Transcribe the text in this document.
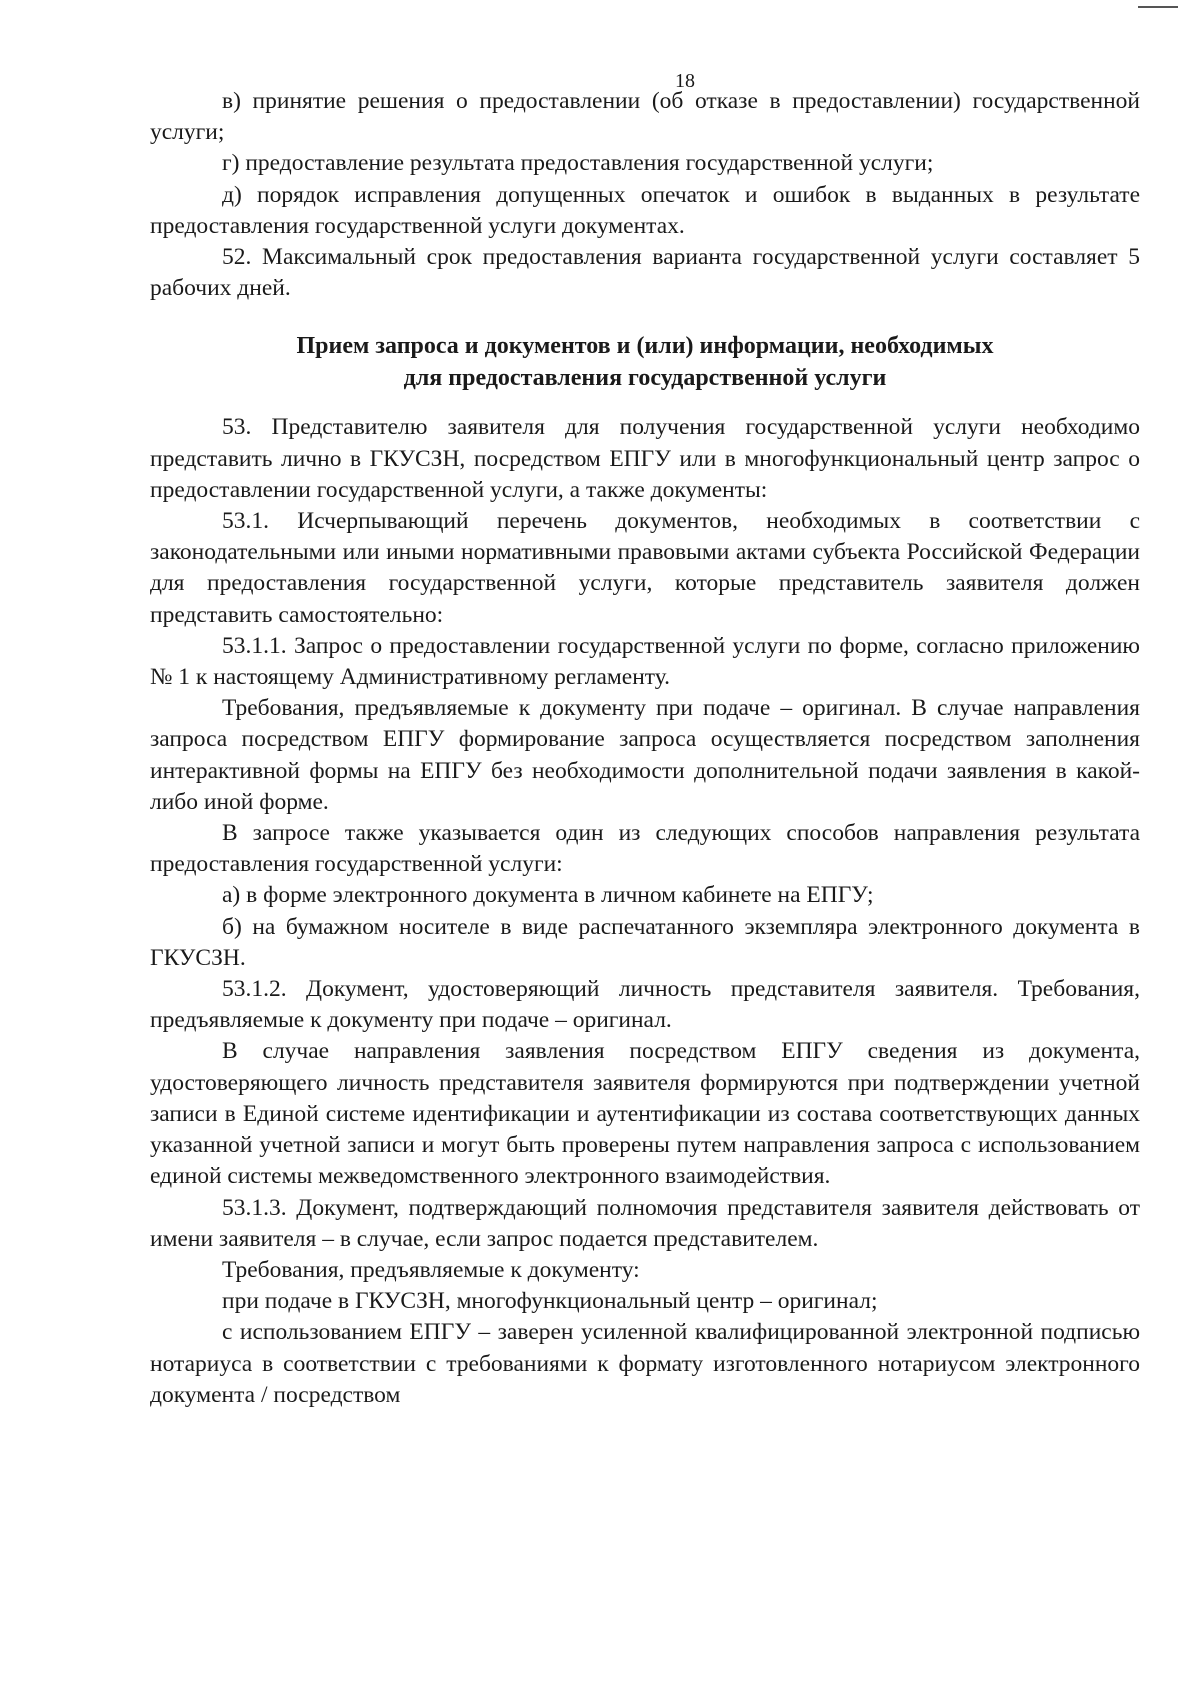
18

в) принятие решения о предоставлении (об отказе в предоставлении) государственной услуги;

г) предоставление результата предоставления государственной услуги;

д) порядок исправления допущенных опечаток и ошибок в выданных в результате предоставления государственной услуги документах.

52. Максимальный срок предоставления варианта государственной услуги составляет 5 рабочих дней.

Прием запроса и документов и (или) информации, необходимых
для предоставления государственной услуги

53. Представителю заявителя для получения государственной услуги необходимо представить лично в ГКУСЗН, посредством ЕПГУ или в многофункциональный центр запрос о предоставлении государственной услуги, а также документы:

53.1. Исчерпывающий перечень документов, необходимых в соответствии с законодательными или иными нормативными правовыми актами субъекта Российской Федерации для предоставления государственной услуги, которые представитель заявителя должен представить самостоятельно:

53.1.1. Запрос о предоставлении государственной услуги по форме, согласно приложению № 1 к настоящему Административному регламенту.

Требования, предъявляемые к документу при подаче – оригинал. В случае направления запроса посредством ЕПГУ формирование запроса осуществляется посредством заполнения интерактивной формы на ЕПГУ без необходимости дополнительной подачи заявления в какой-либо иной форме.

В запросе также указывается один из следующих способов направления результата предоставления государственной услуги:

а) в форме электронного документа в личном кабинете на ЕПГУ;

б) на бумажном носителе в виде распечатанного экземпляра электронного документа в ГКУСЗН.

53.1.2. Документ, удостоверяющий личность представителя заявителя. Требования, предъявляемые к документу при подаче – оригинал.

В случае направления заявления посредством ЕПГУ сведения из документа, удостоверяющего личность представителя заявителя формируются при подтверждении учетной записи в Единой системе идентификации и аутентификации из состава соответствующих данных указанной учетной записи и могут быть проверены путем направления запроса с использованием единой системы межведомственного электронного взаимодействия.

53.1.3. Документ, подтверждающий полномочия представителя заявителя действовать от имени заявителя – в случае, если запрос подается представителем.

Требования, предъявляемые к документу:

при подаче в ГКУСЗН, многофункциональный центр – оригинал;

с использованием ЕПГУ – заверен усиленной квалифицированной электронной подписью нотариуса в соответствии с требованиями к формату изготовленного нотариусом электронного документа / посредством
